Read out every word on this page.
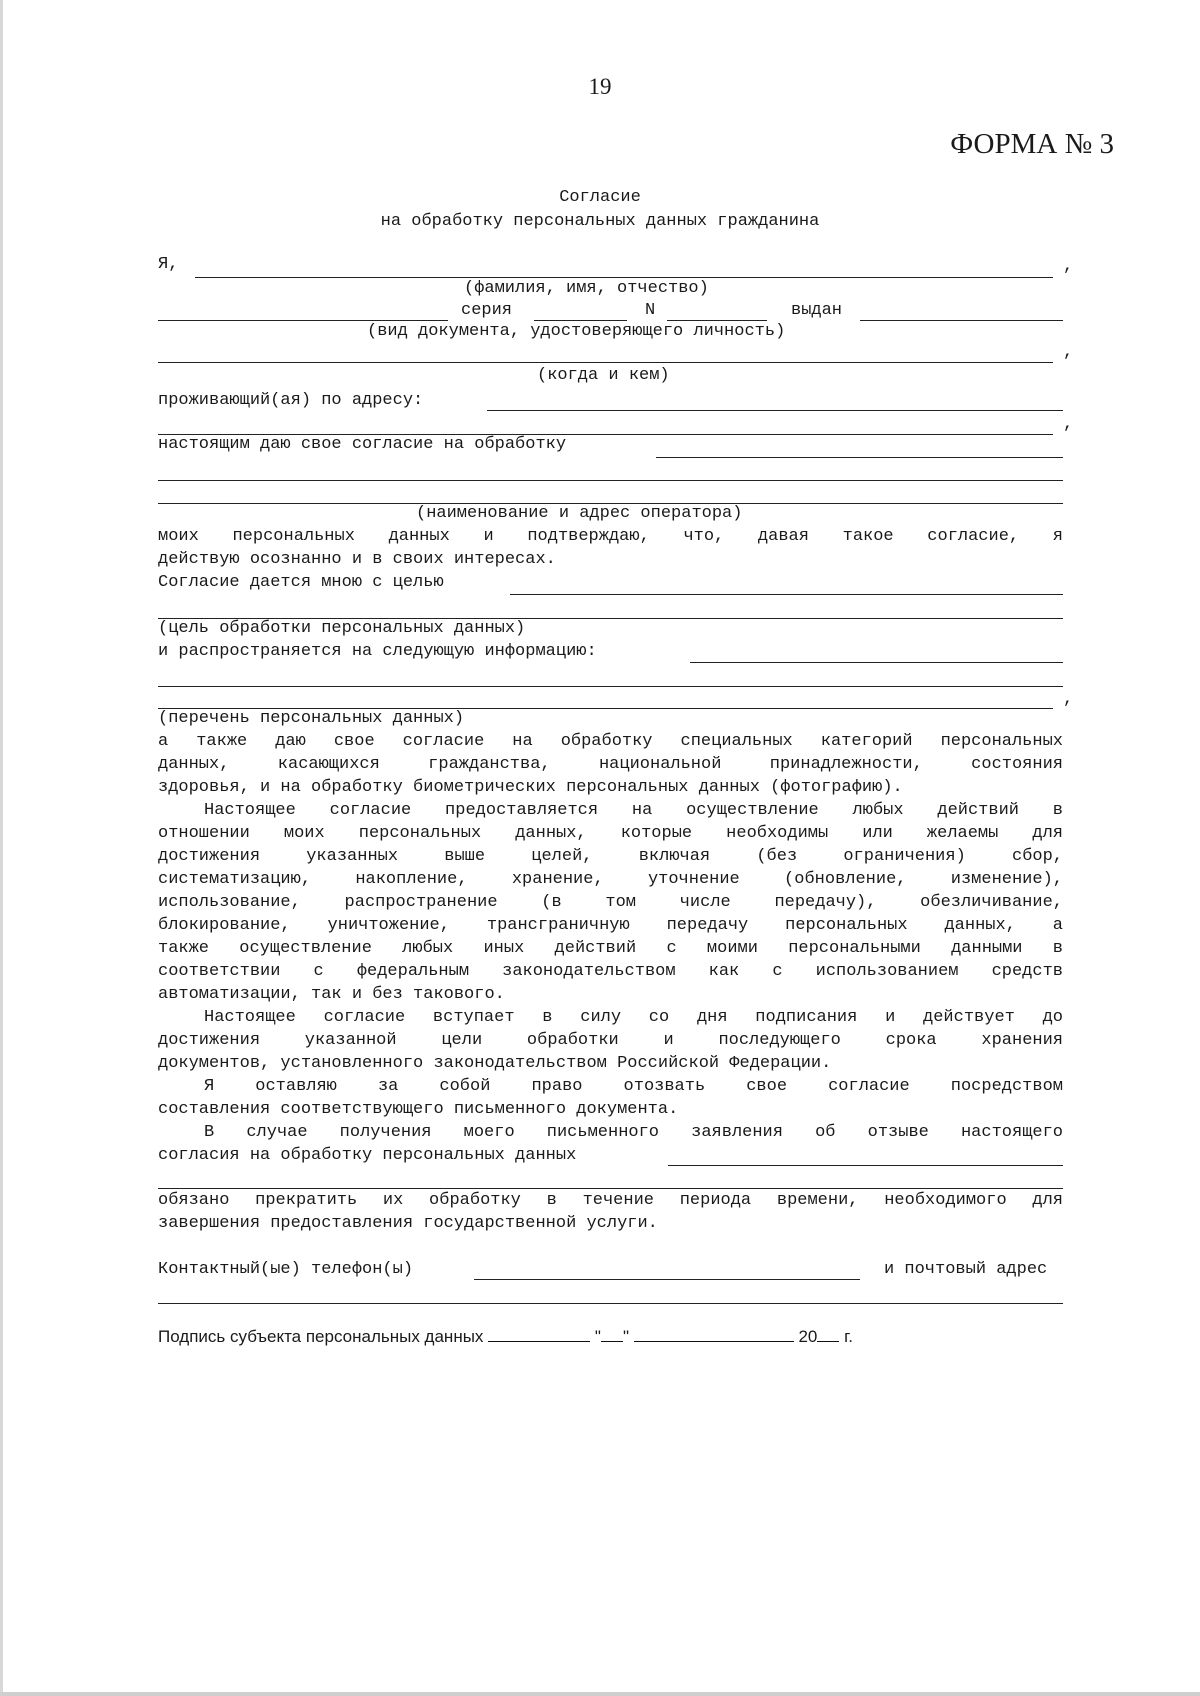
19
ФОРМА № 3
Согласие
на обработку персональных данных гражданина
Я,	,
(фамилия, имя, отчество)
серия	N	выдан
(вид документа, удостоверяющего личность)
,
(когда и кем)
проживающий(ая) по адресу:
,
настоящим даю свое согласие на обработку
(наименование и адрес оператора)
моих персональных данных и подтверждаю, что, давая такое согласие, я
действую осознанно и в своих интересах.
Согласие дается мною с целью
(цель обработки персональных данных)
и распространяется на следующую информацию:
,
(перечень персональных данных)
а также даю свое согласие на обработку специальных категорий персональных
данных, касающихся гражданства, национальной принадлежности, состояния
здоровья, и на обработку биометрических персональных данных (фотографию).
Настоящее согласие предоставляется на осуществление любых действий в
отношении моих персональных данных, которые необходимы или желаемы для
достижения указанных выше целей, включая (без ограничения) сбор,
систематизацию, накопление, хранение, уточнение (обновление, изменение),
использование, распространение (в том числе передачу), обезличивание,
блокирование, уничтожение, трансграничную передачу персональных данных, а
также осуществление любых иных действий с моими персональными данными в
соответствии с федеральным законодательством как с использованием средств
автоматизации, так и без такового.
Настоящее согласие вступает в силу со дня подписания и действует до
достижения указанной цели обработки и последующего срока хранения
документов, установленного законодательством Российской Федерации.
Я оставляю за собой право отозвать свое согласие посредством
составления соответствующего письменного документа.
В случае получения моего письменного заявления об отзыве настоящего
согласия на обработку персональных данных
обязано прекратить их обработку в течение периода времени, необходимого для
завершения предоставления государственной услуги.
Контактный(ые) телефон(ы)	и почтовый адрес
Подпись субъекта персональных данных	" "	20 г.
